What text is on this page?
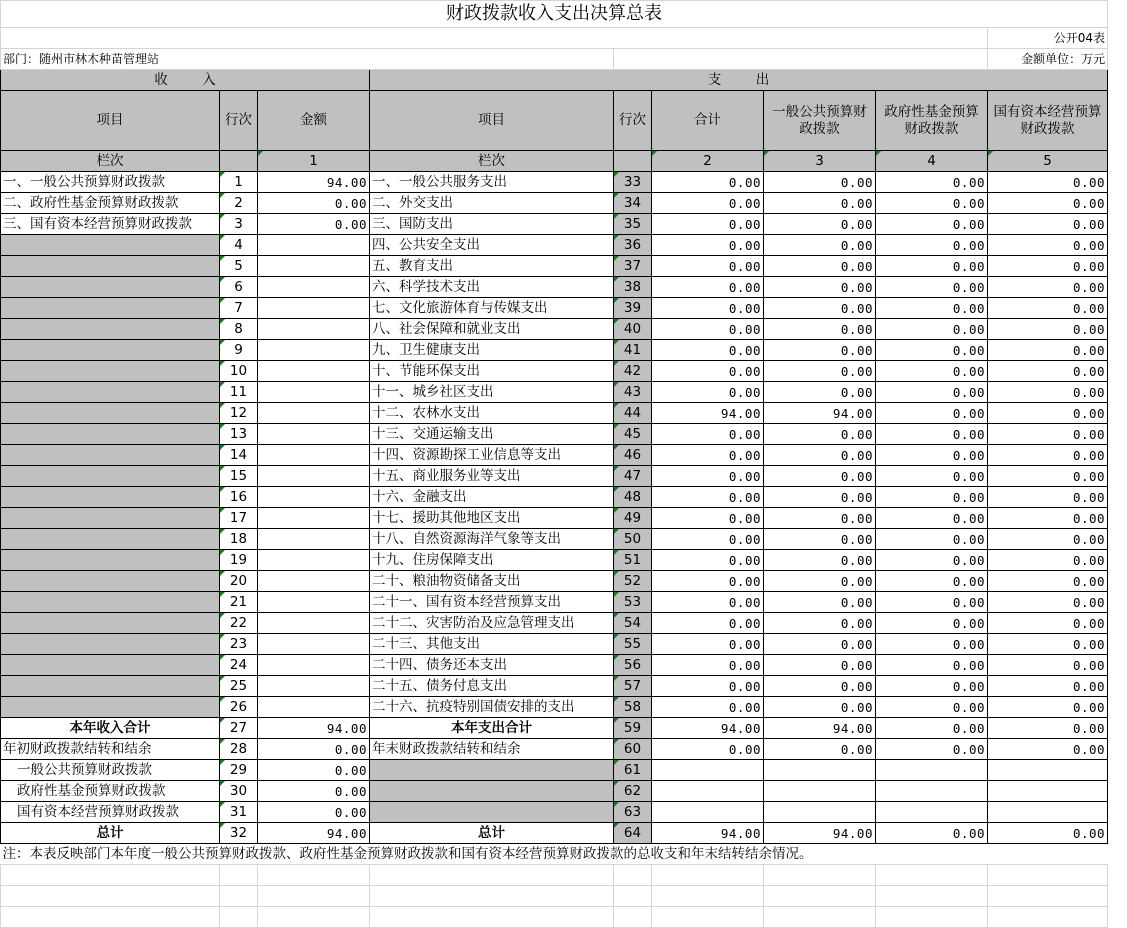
财政拨款收入支出决算总表								
								公开04表
部门：随州市林木种苗管理站								金额单位：万元
收        入			支        出					
项目	行次	金额	项目	行次	合计	一般公共预算财政拨款	政府性基金预算财政拨款	国有资本经营预算财政拨款
栏次		1	栏次		2	3	4	5
一、一般公共预算财政拨款	1	94.00	一、一般公共服务支出	33	0.00	0.00	0.00	0.00
二、政府性基金预算财政拨款	2	0.00	二、外交支出	34	0.00	0.00	0.00	0.00
三、国有资本经营预算财政拨款	3	0.00	三、国防支出	35	0.00	0.00	0.00	0.00
	4		四、公共安全支出	36	0.00	0.00	0.00	0.00
	5		五、教育支出	37	0.00	0.00	0.00	0.00
	6		六、科学技术支出	38	0.00	0.00	0.00	0.00
	7		七、文化旅游体育与传媒支出	39	0.00	0.00	0.00	0.00
	8		八、社会保障和就业支出	40	0.00	0.00	0.00	0.00
	9		九、卫生健康支出	41	0.00	0.00	0.00	0.00
	10		十、节能环保支出	42	0.00	0.00	0.00	0.00
	11		十一、城乡社区支出	43	0.00	0.00	0.00	0.00
	12		十二、农林水支出	44	94.00	94.00	0.00	0.00
	13		十三、交通运输支出	45	0.00	0.00	0.00	0.00
	14		十四、资源勘探工业信息等支出	46	0.00	0.00	0.00	0.00
	15		十五、商业服务业等支出	47	0.00	0.00	0.00	0.00
	16		十六、金融支出	48	0.00	0.00	0.00	0.00
	17		十七、援助其他地区支出	49	0.00	0.00	0.00	0.00
	18		十八、自然资源海洋气象等支出	50	0.00	0.00	0.00	0.00
	19		十九、住房保障支出	51	0.00	0.00	0.00	0.00
	20		二十、粮油物资储备支出	52	0.00	0.00	0.00	0.00
	21		二十一、国有资本经营预算支出	53	0.00	0.00	0.00	0.00
	22		二十二、灾害防治及应急管理支出	54	0.00	0.00	0.00	0.00
	23		二十三、其他支出	55	0.00	0.00	0.00	0.00
	24		二十四、债务还本支出	56	0.00	0.00	0.00	0.00
	25		二十五、债务付息支出	57	0.00	0.00	0.00	0.00
	26		二十六、抗疫特别国债安排的支出	58	0.00	0.00	0.00	0.00
本年收入合计	27	94.00	本年支出合计	59	94.00	94.00	0.00	0.00
年初财政拨款结转和结余	28	0.00	年末财政拨款结转和结余	60	0.00	0.00	0.00	0.00
一般公共预算财政拨款	29	0.00		61				
政府性基金预算财政拨款	30	0.00		62				
国有资本经营预算财政拨款	31	0.00		63				
总计	32	94.00	总计	64	94.00	94.00	0.00	0.00
注：本表反映部门本年度一般公共预算财政拨款、政府性基金预算财政拨款和国有资本经营预算财政拨款的总收支和年末结转结余情况。								
